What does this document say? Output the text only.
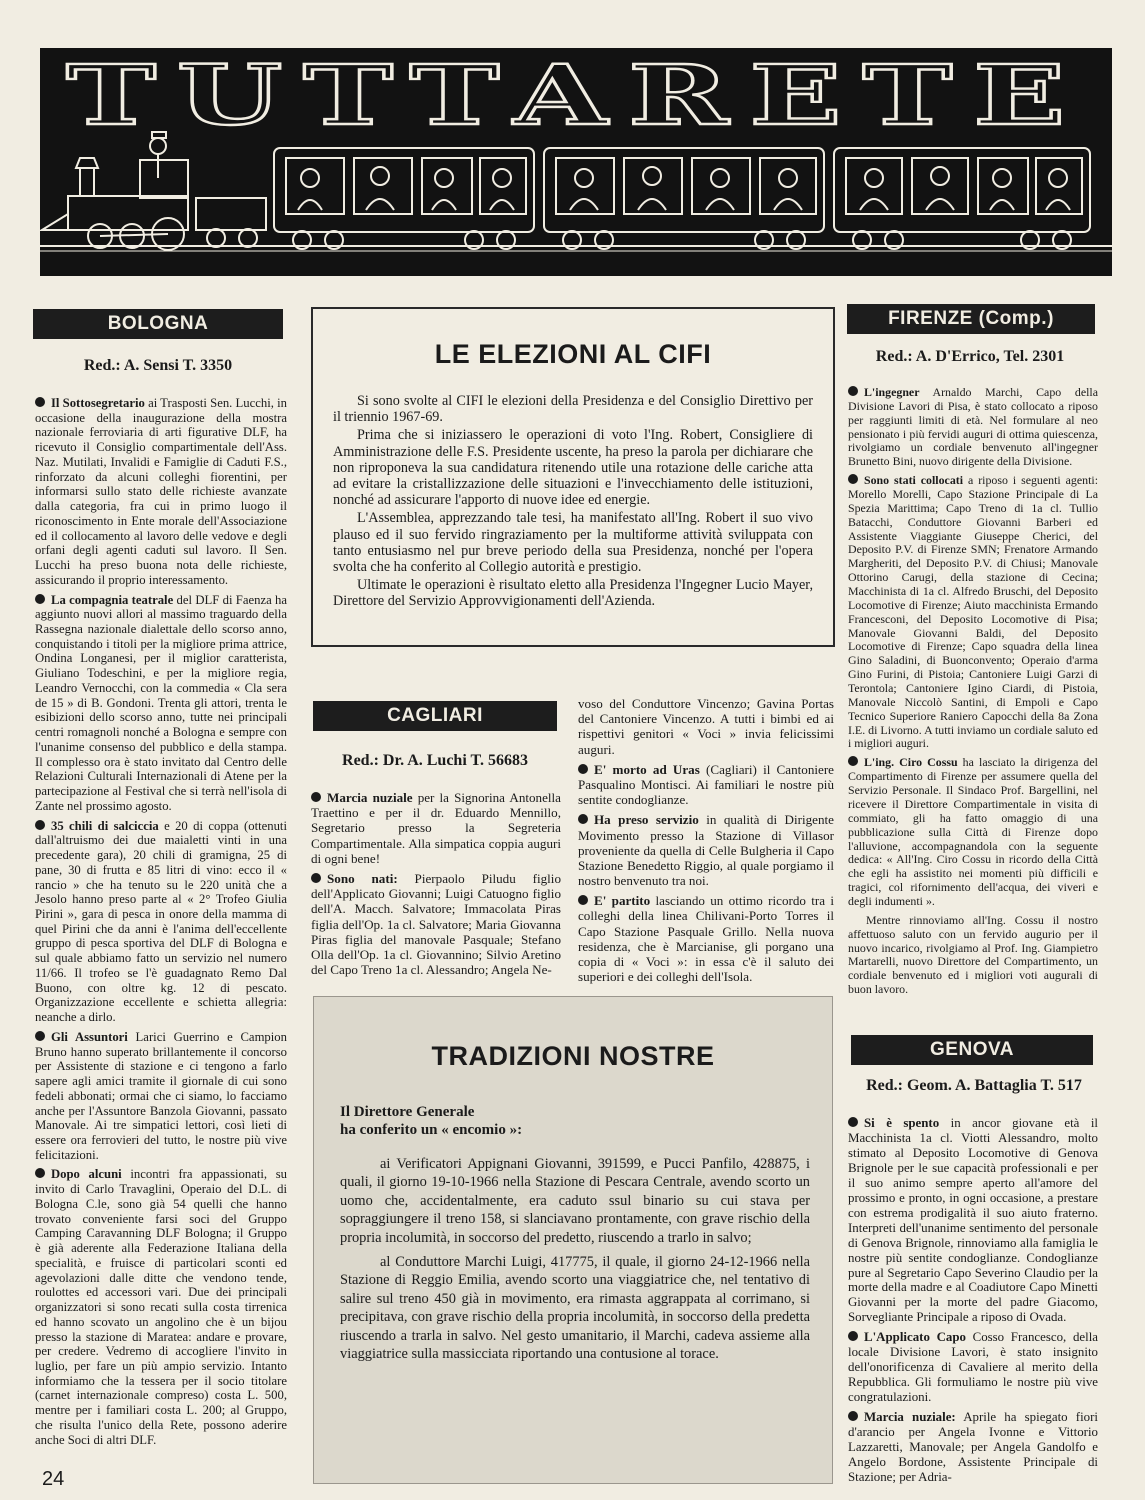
TUTTARETE
BOLOGNA
Red.: A. Sensi T. 3350

Il Sottosegretario ai Trasposti Sen. Lucchi, in occasione della inaugurazione della mostra nazionale ferroviaria di arti figurative DLF, ha ricevuto il Consiglio compartimentale dell'Ass. Naz. Mutilati, Invalidi e Famiglie di Caduti F.S., rinforzato da alcuni colleghi fiorentini, per informarsi sullo stato delle richieste avanzate dalla categoria, fra cui in primo luogo il riconoscimento in Ente morale dell'Associazione ed il collocamento al lavoro delle vedove e degli orfani degli agenti caduti sul lavoro. Il Sen. Lucchi ha preso buona nota delle richieste, assicurando il proprio interessamento.

La compagnia teatrale del DLF di Faenza ha aggiunto nuovi allori al massimo traguardo della Rassegna nazionale dialettale dello scorso anno, conquistando i titoli per la migliore prima attrice, Ondina Longanesi, per il miglior caratterista, Giuliano Todeschini, e per la migliore regia, Leandro Vernocchi, con la commedia « Cla sera de 15 » di B. Gondoni. Trenta gli attori, trenta le esibizioni dello scorso anno, tutte nei principali centri romagnoli nonché a Bologna e sempre con l'unanime consenso del pubblico e della stampa. Il complesso ora è stato invitato dal Centro delle Relazioni Culturali Internazionali di Atene per la partecipazione al Festival che si terrà nell'isola di Zante nel prossimo agosto.

35 chili di salciccia e 20 di coppa (ottenuti dall'altruismo dei due maialetti vinti in una precedente gara), 20 chili di gramigna, 25 di pane, 30 di frutta e 85 litri di vino: ecco il « rancio » che ha tenuto su le 220 unità che a Jesolo hanno preso parte al « 2° Trofeo Giulia Pirini », gara di pesca in onore della mamma di quel Pirini che da anni è l'anima dell'eccellente gruppo di pesca sportiva del DLF di Bologna e sul quale abbiamo fatto un servizio nel numero 11/66. Il trofeo se l'è guadagnato Remo Dal Buono, con oltre kg. 12 di pescato. Organizzazione eccellente e schietta allegria: neanche a dirlo.

Gli Assuntori Larici Guerrino e Campion Bruno hanno superato brillantemente il concorso per Assistente di stazione e ci tengono a farlo sapere agli amici tramite il giornale di cui sono fedeli abbonati; ormai che ci siamo, lo facciamo anche per l'Assuntore Banzola Giovanni, passato Manovale. Ai tre simpatici lettori, così lieti di essere ora ferrovieri del tutto, le nostre più vive felicitazioni.

Dopo alcuni incontri fra appassionati, su invito di Carlo Travaglini, Operaio del D.L. di Bologna C.le, sono già 54 quelli che hanno trovato conveniente farsi soci del Gruppo Camping Caravanning DLF Bologna; il Gruppo è già aderente alla Federazione Italiana della specialità, e fruisce di particolari sconti ed agevolazioni dalle ditte che vendono tende, roulottes ed accessori vari. Due dei principali organizzatori si sono recati sulla costa tirrenica ed hanno scovato un angolino che è un bijou presso la stazione di Maratea: andare e provare, per credere. Vedremo di accogliere l'invito in luglio, per fare un più ampio servizio. Intanto informiamo che la tessera per il socio titolare (carnet internazionale compreso) costa L. 500, mentre per i familiari costa L. 200; al Gruppo, che risulta l'unico della Rete, possono aderire anche Soci di altri DLF.

LE ELEZIONI AL CIFI

Si sono svolte al CIFI le elezioni della Presidenza e del Consiglio Direttivo per il triennio 1967-69.

Prima che si iniziassero le operazioni di voto l'Ing. Robert, Consigliere di Amministrazione delle F.S. Presidente uscente, ha preso la parola per dichiarare che non riproponeva la sua candidatura ritenendo utile una rotazione delle cariche atta ad evitare la cristallizzazione delle situazioni e l'invecchiamento delle istituzioni, nonché ad assicurare l'apporto di nuove idee ed energie.

L'Assemblea, apprezzando tale tesi, ha manifestato all'Ing. Robert il suo vivo plauso ed il suo fervido ringraziamento per la multiforme attività sviluppata con tanto entusiasmo nel pur breve periodo della sua Presidenza, nonché per l'opera svolta che ha conferito al Collegio autorità e prestigio.

Ultimate le operazioni è risultato eletto alla Presidenza l'Ingegner Lucio Mayer, Direttore del Servizio Approvvigionamenti dell'Azienda.

CAGLIARI
Red.: Dr. A. Luchi T. 56683

Marcia nuziale per la Signorina Antonella Traettino e per il dr. Eduardo Mennillo, Segretario presso la Segreteria Compartimentale. Alla simpatica coppia auguri di ogni bene!

Sono nati: Pierpaolo Piludu figlio dell'Applicato Giovanni; Luigi Catuogno figlio dell'A. Macch. Salvatore; Immacolata Piras figlia dell'Op. 1a cl. Salvatore; Maria Giovanna Piras figlia del manovale Pasquale; Stefano Olla dell'Op. 1a cl. Giovannino; Silvio Aretino del Capo Treno 1a cl. Alessandro; Angela Ne-

voso del Conduttore Vincenzo; Gavina Portas del Cantoniere Vincenzo. A tutti i bimbi ed ai rispettivi genitori « Voci » invia felicissimi auguri.

E' morto ad Uras (Cagliari) il Cantoniere Pasqualino Montisci. Ai familiari le nostre più sentite condoglianze.

Ha preso servizio in qualità di Dirigente Movimento presso la Stazione di Villasor proveniente da quella di Celle Bulgheria il Capo Stazione Benedetto Riggio, al quale porgiamo il nostro benvenuto tra noi.

E' partito lasciando un ottimo ricordo tra i colleghi della linea Chilivani-Porto Torres il Capo Stazione Pasquale Grillo. Nella nuova residenza, che è Marcianise, gli porgano una copia di « Voci »: in essa c'è il saluto dei superiori e dei colleghi dell'Isola.

TRADIZIONI NOSTRE
Il Direttore Generale
ha conferito un « encomio »:

ai Verificatori Appignani Giovanni, 391599, e Pucci Panfilo, 428875, i quali, il giorno 19-10-1966 nella Stazione di Pescara Centrale, avendo scorto un uomo che, accidentalmente, era caduto ssul binario su cui stava per sopraggiungere il treno 158, si slanciavano prontamente, con grave rischio della propria incolumità, in soccorso del predetto, riuscendo a trarlo in salvo;

al Conduttore Marchi Luigi, 417775, il quale, il giorno 24-12-1966 nella Stazione di Reggio Emilia, avendo scorto una viaggiatrice che, nel tentativo di salire sul treno 450 già in movimento, era rimasta aggrappata al corrimano, si precipitava, con grave rischio della propria incolumità, in soccorso della predetta riuscendo a trarla in salvo. Nel gesto umanitario, il Marchi, cadeva assieme alla viaggiatrice sulla massicciata riportando una contusione al torace.

FIRENZE (Comp.)
Red.: A. D'Errico, Tel. 2301

L'ingegner Arnaldo Marchi, Capo della Divisione Lavori di Pisa, è stato collocato a riposo per raggiunti limiti di età. Nel formulare al neo pensionato i più fervidi auguri di ottima quiescenza, rivolgiamo un cordiale benvenuto all'ingegner Brunetto Bini, nuovo dirigente della Divisione.

Sono stati collocati a riposo i seguenti agenti: Morello Morelli, Capo Stazione Principale di La Spezia Marittima; Capo Treno di 1a cl. Tullio Batacchi, Conduttore Giovanni Barberi ed Assistente Viaggiante Giuseppe Cherici, del Deposito P.V. di Firenze SMN; Frenatore Armando Margheriti, del Deposito P.V. di Chiusi; Manovale Ottorino Carugi, della stazione di Cecina; Macchinista di 1a cl. Alfredo Bruschi, del Deposito Locomotive di Firenze; Aiuto macchinista Ermando Francesconi, del Deposito Locomotive di Pisa; Manovale Giovanni Baldi, del Deposito Locomotive di Firenze; Capo squadra della linea Gino Saladini, di Buonconvento; Operaio d'arma Gino Furini, di Pistoia; Cantoniere Luigi Garzi di Terontola; Cantoniere Igino Ciardi, di Pistoia, Manovale Niccolò Santini, di Empoli e Capo Tecnico Superiore Raniero Capocchi della 8a Zona I.E. di Livorno. A tutti inviamo un cordiale saluto ed i migliori auguri.

L'ing. Ciro Cossu ha lasciato la dirigenza del Compartimento di Firenze per assumere quella del Servizio Personale. Il Sindaco Prof. Bargellini, nel ricevere il Direttore Compartimentale in visita di commiato, gli ha fatto omaggio di una pubblicazione sulla Città di Firenze dopo l'alluvione, accompagnandola con la seguente dedica: « All'Ing. Ciro Cossu in ricordo della Città che egli ha assistito nei momenti più difficili e tragici, col rifornimento dell'acqua, dei viveri e degli indumenti ».

Mentre rinnoviamo all'Ing. Cossu il nostro affettuoso saluto con un fervido augurio per il nuovo incarico, rivolgiamo al Prof. Ing. Giampietro Martarelli, nuovo Direttore del Compartimento, un cordiale benvenuto ed i migliori voti augurali di buon lavoro.

GENOVA
Red.: Geom. A. Battaglia T. 517

Si è spento in ancor giovane età il Macchinista 1a cl. Viotti Alessandro, molto stimato al Deposito Locomotive di Genova Brignole per le sue capacità professionali e per il suo animo sempre aperto all'amore del prossimo e pronto, in ogni occasione, a prestare con estrema prodigalità il suo aiuto fraterno. Interpreti dell'unanime sentimento del personale di Genova Brignole, rinnoviamo alla famiglia le nostre più sentite condoglianze. Condoglianze pure al Segretario Capo Severino Claudio per la morte della madre e al Coadiutore Capo Minetti Giovanni per la morte del padre Giacomo, Sorvegliante Principale a riposo di Ovada.

L'Applicato Capo Cosso Francesco, della locale Divisione Lavori, è stato insignito dell'onorificenza di Cavaliere al merito della Repubblica. Gli formuliamo le nostre più vive congratulazioni.

Marcia nuziale: Aprile ha spiegato fiori d'arancio per Angela Ivonne e Vittorio Lazzaretti, Manovale; per Angela Gandolfo e Angelo Bordone, Assistente Principale di Stazione; per Adria-

24
